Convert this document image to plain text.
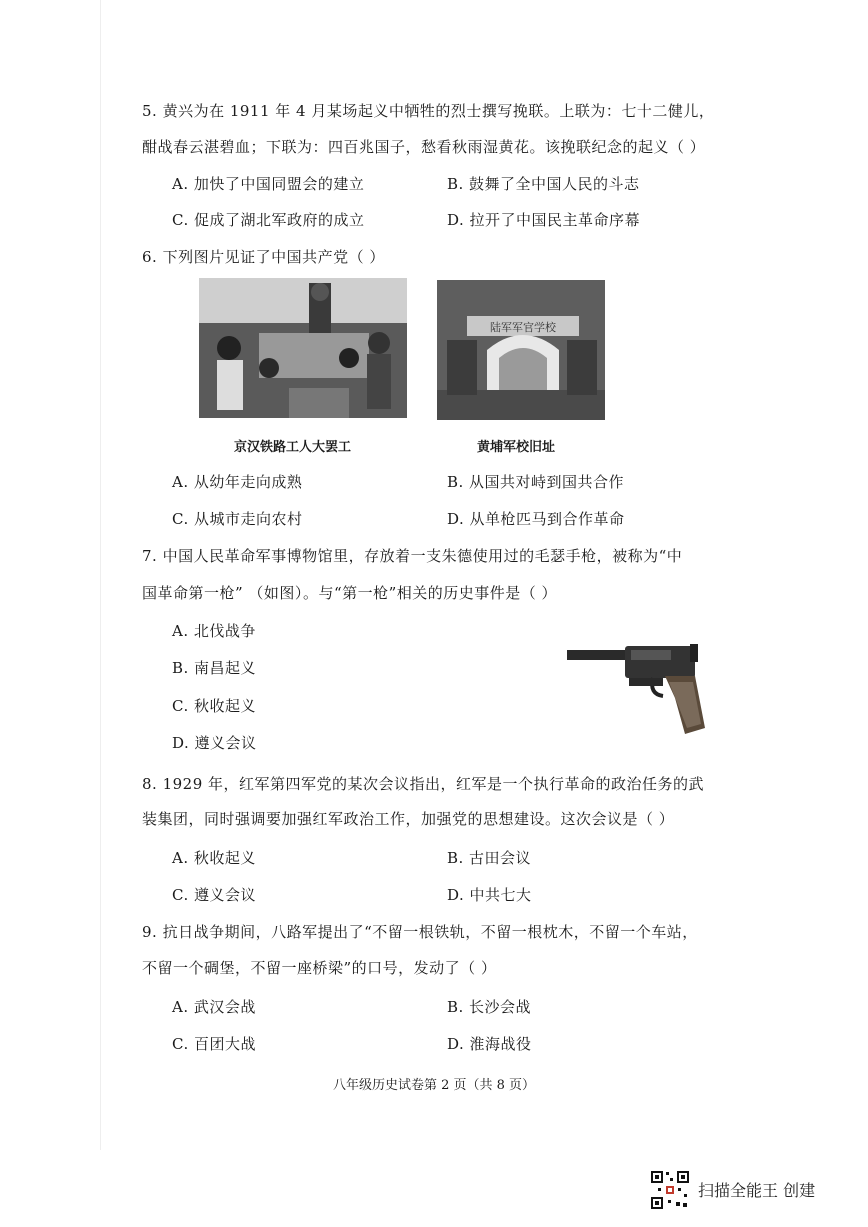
5. 黄兴为在 1911 年 4 月某场起义中牺牲的烈士撰写挽联。上联为：七十二健儿，
酣战春云湛碧血；下联为：四百兆国子，愁看秋雨湿黄花。该挽联纪念的起义（ ）
A. 加快了中国同盟会的建立	B. 鼓舞了全中国人民的斗志
C. 促成了湖北军政府的成立	D. 拉开了中国民主革命序幕
6. 下列图片见证了中国共产党（ ）
陆军军官学校
京汉铁路工人大罢工	黄埔军校旧址
A. 从幼年走向成熟	B. 从国共对峙到国共合作
C. 从城市走向农村	D. 从单枪匹马到合作革命
7. 中国人民革命军事博物馆里，存放着一支朱德使用过的毛瑟手枪，被称为“中
国革命第一枪” （如图）。与“第一枪”相关的历史事件是（ ）
A. 北伐战争
B. 南昌起义
C. 秋收起义
D. 遵义会议
8. 1929 年，红军第四军党的某次会议指出，红军是一个执行革命的政治任务的武
装集团，同时强调要加强红军政治工作，加强党的思想建设。这次会议是（ ）
A. 秋收起义	B. 古田会议
C. 遵义会议	D. 中共七大
9. 抗日战争期间，八路军提出了“不留一根铁轨，不留一根枕木，不留一个车站，
不留一个碉堡，不留一座桥梁”的口号，发动了（ ）
A. 武汉会战	B. 长沙会战
C. 百团大战	D. 淮海战役
八年级历史试卷第 2 页（共 8 页）
扫描全能王 创建
